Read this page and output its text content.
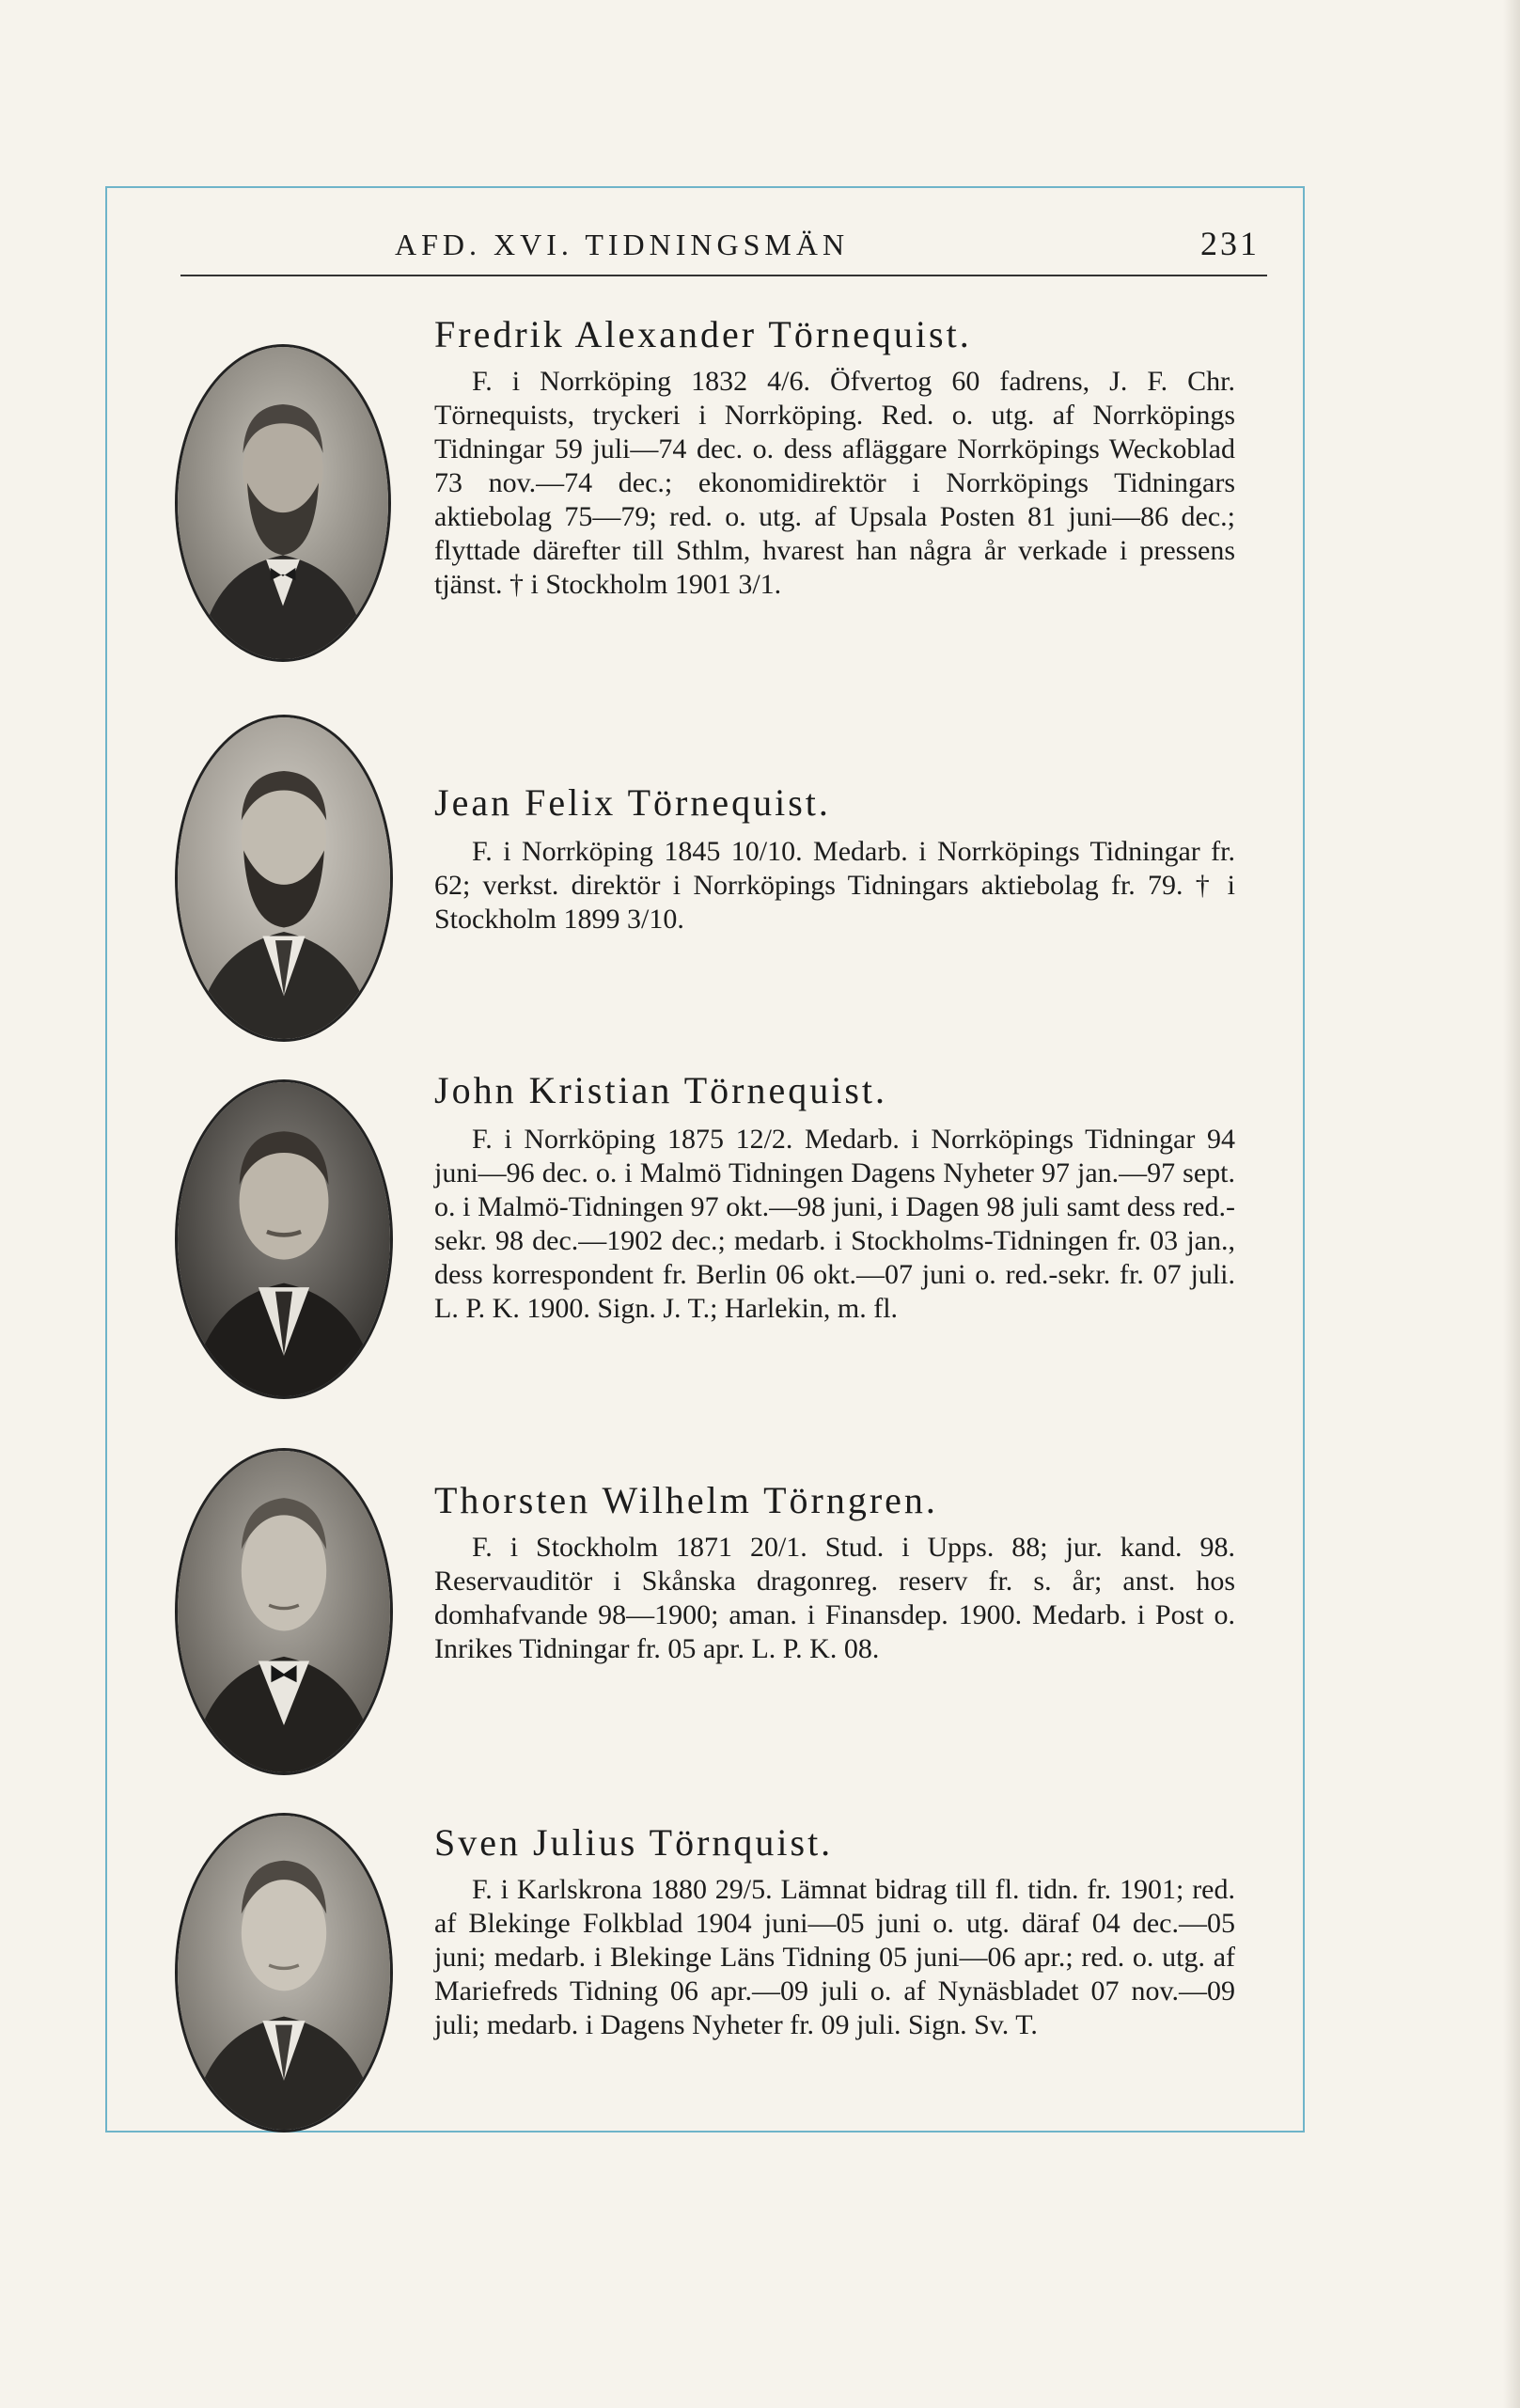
AFD. XVI. TIDNINGSMÄN	231
Fredrik Alexander Törnequist.

F. i Norrköping 1832 4/6. Öfvertog 60 fadrens, J. F. Chr. Törnequists, tryckeri i Norrköping. Red. o. utg. af Norrköpings Tidningar 59 juli—74 dec. o. dess afläggare Norrköpings Weckoblad 73 nov.—74 dec.; ekonomidirektör i Norrköpings Tidningars aktiebolag 75—79; red. o. utg. af Upsala Posten 81 juni—86 dec.; flyttade därefter till Sthlm, hvarest han några år verkade i pressens tjänst. † i Stockholm 1901 3/1.

Jean Felix Törnequist.

F. i Norrköping 1845 10/10. Medarb. i Norrköpings Tidningar fr. 62; verkst. direktör i Norrköpings Tidningars aktiebolag fr. 79. † i Stockholm 1899 3/10.

John Kristian Törnequist.

F. i Norrköping 1875 12/2. Medarb. i Norrköpings Tidningar 94 juni—96 dec. o. i Malmö Tidningen Dagens Nyheter 97 jan.—97 sept. o. i Malmö-Tidningen 97 okt.—98 juni, i Dagen 98 juli samt dess red.-sekr. 98 dec.—1902 dec.; medarb. i Stockholms-Tidningen fr. 03 jan., dess korrespondent fr. Berlin 06 okt.—07 juni o. red.-sekr. fr. 07 juli. L. P. K. 1900. Sign. J. T.; Harlekin, m. fl.

Thorsten Wilhelm Törngren.

F. i Stockholm 1871 20/1. Stud. i Upps. 88; jur. kand. 98. Reservauditör i Skånska dragonreg. reserv fr. s. år; anst. hos domhafvande 98—1900; aman. i Finansdep. 1900. Medarb. i Post o. Inrikes Tidningar fr. 05 apr. L. P. K. 08.

Sven Julius Törnquist.

F. i Karlskrona 1880 29/5. Lämnat bidrag till fl. tidn. fr. 1901; red. af Blekinge Folkblad 1904 juni—05 juni o. utg. däraf 04 dec.—05 juni; medarb. i Blekinge Läns Tidning 05 juni—06 apr.; red. o. utg. af Mariefreds Tidning 06 apr.—09 juli o. af Nynäsbladet 07 nov.—09 juli; medarb. i Dagens Nyheter fr. 09 juli. Sign. Sv. T.
